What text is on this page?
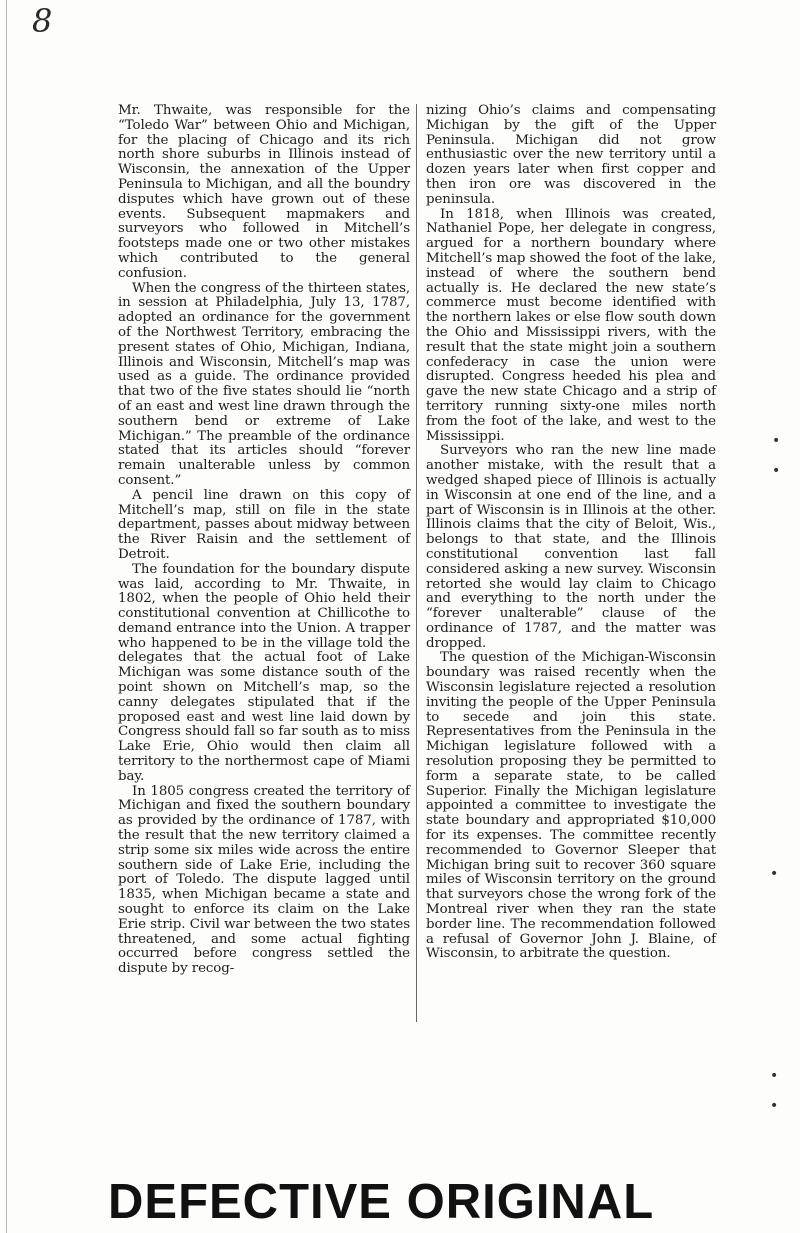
8

Mr. Thwaite, was responsible for the “Toledo War” between Ohio and Michigan, for the placing of Chicago and its rich north shore suburbs in Illinois instead of Wisconsin, the annexation of the Upper Peninsula to Michigan, and all the boundry disputes which have grown out of these events. Subsequent mapmakers and surveyors who followed in Mitchell’s footsteps made one or two other mistakes which contributed to the general confusion.

When the congress of the thirteen states, in session at Philadelphia, July 13, 1787, adopted an ordinance for the government of the Northwest Territory, embracing the present states of Ohio, Michigan, Indiana, Illinois and Wisconsin, Mitchell’s map was used as a guide. The ordinance provided that two of the five states should lie “north of an east and west line drawn through the southern bend or extreme of Lake Michigan.” The preamble of the ordinance stated that its articles should “forever remain unalterable unless by common consent.”

A pencil line drawn on this copy of Mitchell’s map, still on file in the state department, passes about midway between the River Raisin and the settlement of Detroit.

The foundation for the boundary dispute was laid, according to Mr. Thwaite, in 1802, when the people of Ohio held their constitutional convention at Chillicothe to demand entrance into the Union. A trapper who happened to be in the village told the delegates that the actual foot of Lake Michigan was some distance south of the point shown on Mitchell’s map, so the canny delegates stipulated that if the proposed east and west line laid down by Congress should fall so far south as to miss Lake Erie, Ohio would then claim all territory to the northermost cape of Miami bay.

In 1805 congress created the territory of Michigan and fixed the southern boundary as provided by the ordinance of 1787, with the result that the new territory claimed a strip some six miles wide across the entire southern side of Lake Erie, including the port of Toledo. The dispute lagged until 1835, when Michigan became a state and sought to enforce its claim on the Lake Erie strip. Civil war between the two states threatened, and some actual fighting occurred before congress settled the dispute by recog-

nizing Ohio’s claims and compensating Michigan by the gift of the Upper Peninsula. Michigan did not grow enthusiastic over the new territory until a dozen years later when first copper and then iron ore was discovered in the peninsula.

In 1818, when Illinois was created, Nathaniel Pope, her delegate in congress, argued for a northern boundary where Mitchell’s map showed the foot of the lake, instead of where the southern bend actually is. He declared the new state’s commerce must become identified with the northern lakes or else flow south down the Ohio and Mississippi rivers, with the result that the state might join a southern confederacy in case the union were disrupted. Congress heeded his plea and gave the new state Chicago and a strip of territory running sixty-one miles north from the foot of the lake, and west to the Mississippi.

Surveyors who ran the new line made another mistake, with the result that a wedged shaped piece of Illinois is actually in Wisconsin at one end of the line, and a part of Wisconsin is in Illinois at the other. Illinois claims that the city of Beloit, Wis., belongs to that state, and the Illinois constitutional convention last fall considered asking a new survey. Wisconsin retorted she would lay claim to Chicago and everything to the north under the “forever unalterable” clause of the ordinance of 1787, and the matter was dropped.

The question of the Michigan-Wisconsin boundary was raised recently when the Wisconsin legislature rejected a resolution inviting the people of the Upper Peninsula to secede and join this state. Representatives from the Peninsula in the Michigan legislature followed with a resolution proposing they be permitted to form a separate state, to be called Superior. Finally the Michigan legislature appointed a committee to investigate the state boundary and appropriated $10,000 for its expenses. The committee recently recommended to Governor Sleeper that Michigan bring suit to recover 360 square miles of Wisconsin territory on the ground that surveyors chose the wrong fork of the Montreal river when they ran the state border line. The recommendation followed a refusal of Governor John J. Blaine, of Wisconsin, to arbitrate the question.

•
•
•
•
•
DEFECTIVE ORIGINAL
